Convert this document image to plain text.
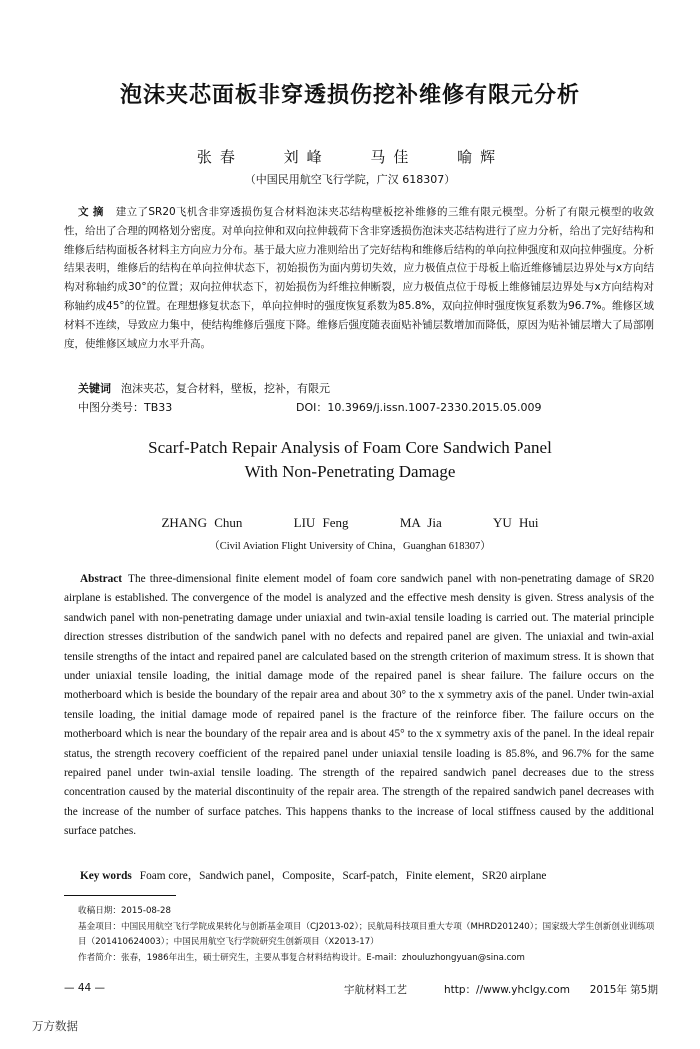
泡沫夹芯面板非穿透损伤挖补维修有限元分析
张春 刘峰 马佳 喻辉
（中国民用航空飞行学院，广汉 618307）
文摘 建立了SR20飞机含非穿透损伤复合材料泡沫夹芯结构壁板挖补维修的三维有限元模型。分析了有限元模型的收敛性，给出了合理的网格划分密度。对单向拉伸和双向拉伸载荷下含非穿透损伤泡沫夹芯结构进行了应力分析，给出了完好结构和维修后结构面板各材料主方向应力分布。基于最大应力准则给出了完好结构和维修后结构的单向拉伸强度和双向拉伸强度。分析结果表明，维修后的结构在单向拉伸状态下，初始损伤为面内剪切失效，应力极值点位于母板上临近维修铺层边界处与x方向结构对称轴约成30°的位置；双向拉伸状态下，初始损伤为纤维拉伸断裂，应力极值点位于母板上维修铺层边界处与x方向结构对称轴约成45°的位置。在理想修复状态下，单向拉伸时的强度恢复系数为85.8%，双向拉伸时强度恢复系数为96.7%。维修区域材料不连续，导致应力集中，使结构维修后强度下降。维修后强度随表面贴补铺层数增加而降低，原因为贴补铺层增大了局部刚度，使维修区域应力水平升高。
关键词 泡沫夹芯，复合材料，壁板，挖补，有限元
中图分类号：TB33	DOI：10.3969/j.issn.1007-2330.2015.05.009
Scarf-Patch Repair Analysis of Foam Core Sandwich Panel
With Non-Penetrating Damage
ZHANG Chun	LIU Feng	MA Jia	YU Hui
（Civil Aviation Flight University of China，Guanghan 618307）
Abstract The three-dimensional finite element model of foam core sandwich panel with non-penetrating damage of SR20 airplane is established. The convergence of the model is analyzed and the effective mesh density is given. Stress analysis of the sandwich panel with non-penetrating damage under uniaxial and twin-axial tensile loading is carried out. The material principle direction stresses distribution of the sandwich panel with no defects and repaired panel are given. The uniaxial and twin-axial tensile strengths of the intact and repaired panel are calculated based on the strength criterion of maximum stress. It is shown that under uniaxial tensile loading, the initial damage mode of the repaired panel is shear failure. The failure occurs on the motherboard which is beside the boundary of the repair area and about 30° to the x symmetry axis of the panel. Under twin-axial tensile loading, the initial damage mode of repaired panel is the fracture of the reinforce fiber. The failure occurs on the motherboard which is near the boundary of the repair area and is about 45° to the x symmetry axis of the panel. In the ideal repair status, the strength recovery coefficient of the repaired panel under uniaxial tensile loading is 85.8%, and 96.7% for the same repaired panel under twin-axial tensile loading. The strength of the repaired sandwich panel decreases due to the stress concentration caused by the material discontinuity of the repair area. The strength of the repaired sandwich panel decreases with the increase of the number of surface patches. This happens thanks to the increase of local stiffness caused by the additional surface patches.
Key words Foam core，Sandwich panel，Composite，Scarf-patch，Finite element，SR20 airplane
收稿日期：2015-08-28
基金项目：中国民用航空飞行学院成果转化与创新基金项目（CJ2013-02）；民航局科技项目重大专项（MHRD201240）；国家级大学生创新创业训练项目（201410624003）；中国民用航空飞行学院研究生创新项目（X2013-17）
作者简介：张春，1986年出生，硕士研究生，主要从事复合材料结构设计。E-mail：zhouluzhongyuan@sina.com
— 44 —	宇航材料工艺	http：//www.yhclgy.com 2015年 第5期
万方数据
